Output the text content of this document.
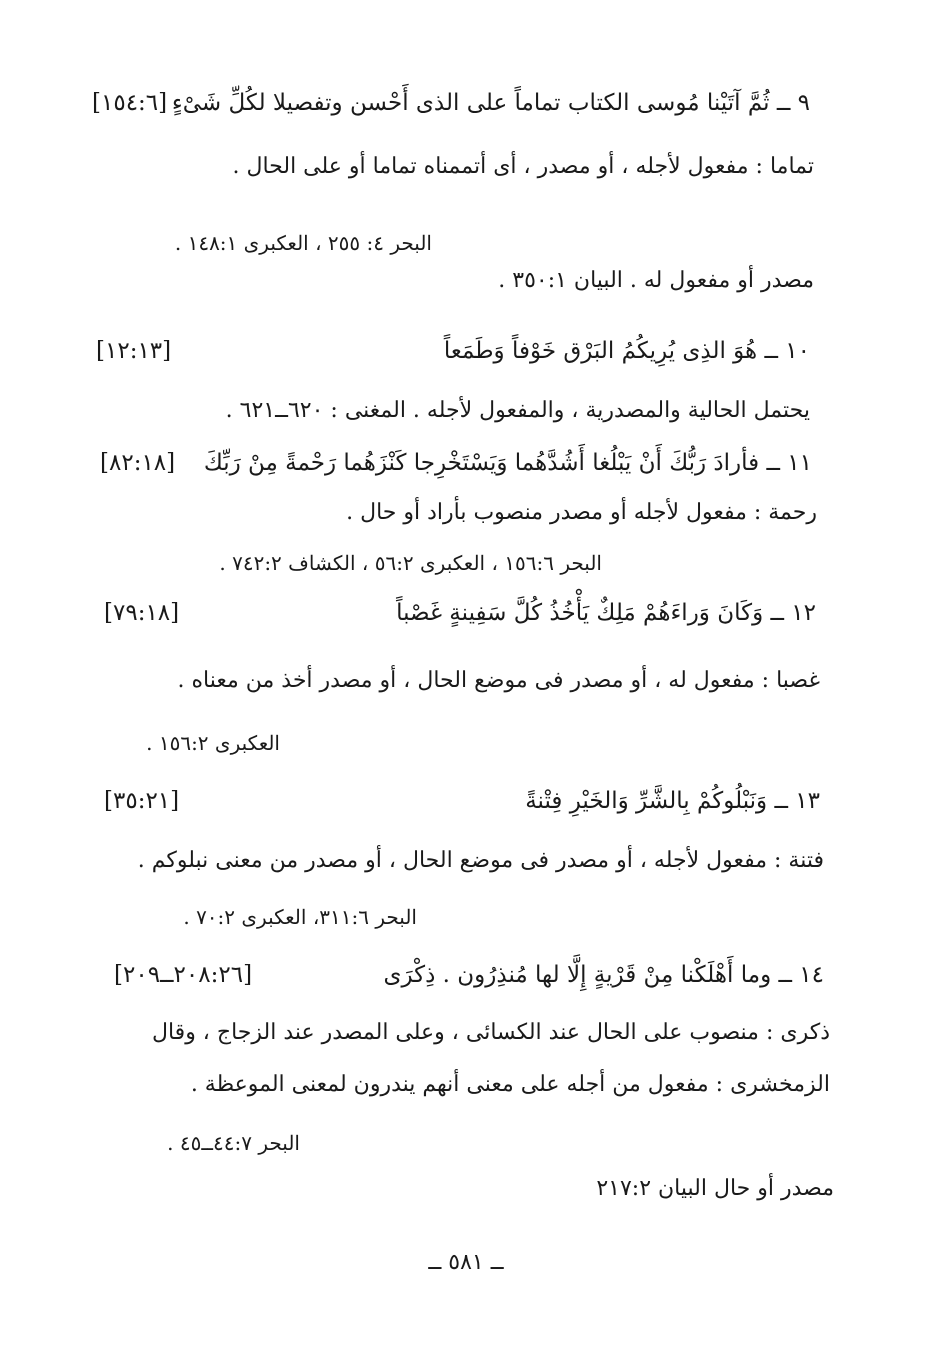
٩ ــ ثُمَّ آتَيْنا مُوسى الكتاب تماماً على الذى أَحْسن وتفصيلا لكُلِّ شَىْءٍ
[١٥٤:٦]
تماما : مفعول لأجله ، أو مصدر ، أى أتممناه تماما أو على الحال .
البحر ٤: ٢٥٥ ، العكبرى ١٤٨:١ .
مصدر أو مفعول له . البيان ٣٥٠:١ .
١٠ ــ هُوَ الذِى يُرِيكُمُ البَرْق خَوْفاً وَطَمَعاً
[١٢:١٣]
يحتمل الحالية والمصدرية ، والمفعول لأجله . المغنى : ٦٢٠ــ٦٢١ .
١١ ــ فأرادَ رَبُّكَ أَنْ يَبْلُغا أَشُدَّهُما وَيَسْتَخْرِجا كَنْزَهُما رَحْمةً مِنْ رَبِّكَ
[٨٢:١٨]
رحمة : مفعول لأجله أو مصدر منصوب بأراد أو حال .
البحر ١٥٦:٦ ، العكبرى ٥٦:٢ ، الكشاف ٧٤٢:٢ .
١٢ ــ وَكَانَ وَراءَهُمْ مَلِكٌ يَأْخُذُ كُلَّ سَفِينةٍ غَصْباً
[٧٩:١٨]
غصبا : مفعول له ، أو مصدر فى موضع الحال ، أو مصدر أخذ من معناه .
العكبرى ١٥٦:٢ .
١٣ ــ وَنَبْلُوكُمْ بِالشَّرِّ وَالخَيْرِ فِتْنةً
[٣٥:٢١]
فتنة : مفعول لأجله ، أو مصدر فى موضع الحال ، أو مصدر من معنى نبلوكم .
البحر ٣١١:٦، العكبرى ٧٠:٢ .
١٤ ــ وما أَهْلَكْنا مِنْ قَرْيةٍ إِلَّا لها مُنذِرُون . ذِكْرَى
[٢٠٨:٢٦ــ٢٠٩]
ذكرى : منصوب على الحال عند الكسائى ، وعلى المصدر عند الزجاج ، وقال
الزمخشرى : مفعول من أجله على معنى أنهم يندرون لمعنى الموعظة .
البحر ٤٤:٧ــ٤٥ .
مصدر أو حال البيان ٢١٧:٢
ــ ٥٨١ ــ
